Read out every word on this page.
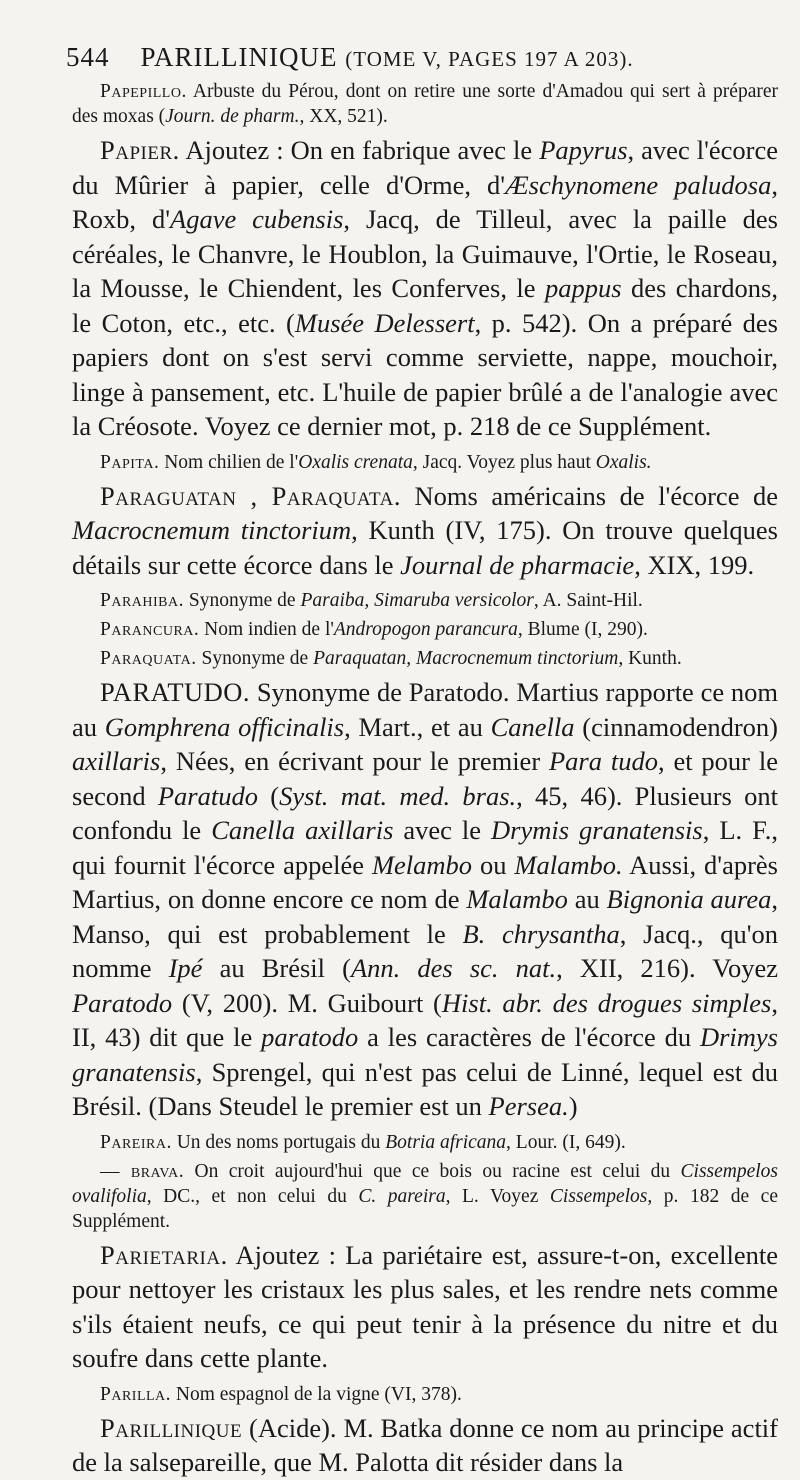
544 PARILLINIQUE (TOME V, PAGES 197 A 203).

Papepillo. Arbuste du Pérou, dont on retire une sorte d'Amadou qui sert à préparer des moxas (Journ. de pharm., XX, 521).

Papier. Ajoutez : On en fabrique avec le Papyrus, avec l'écorce du Mûrier à papier, celle d'Orme, d'Æschynomene paludosa, Roxb, d'Agave cubensis, Jacq, de Tilleul, avec la paille des céréales, le Chanvre, le Houblon, la Guimauve, l'Ortie, le Roseau, la Mousse, le Chiendent, les Conferves, le pappus des chardons, le Coton, etc., etc. (Musée Delessert, p. 542). On a préparé des papiers dont on s'est servi comme serviette, nappe, mouchoir, linge à pansement, etc. L'huile de papier brûlé a de l'analogie avec la Créosote. Voyez ce dernier mot, p. 218 de ce Supplément.

Papita. Nom chilien de l'Oxalis crenata, Jacq. Voyez plus haut Oxalis.

Paraguatan , Paraquata. Noms américains de l'écorce de Macrocnemum tinctorium, Kunth (IV, 175). On trouve quelques détails sur cette écorce dans le Journal de pharmacie, XIX, 199.

Parahiba. Synonyme de Paraiba, Simaruba versicolor, A. Saint-Hil.

Parancura. Nom indien de l'Andropogon parancura, Blume (I, 290).

Paraquata. Synonyme de Paraquatan, Macrocnemum tinctorium, Kunth.

PARATUDO. Synonyme de Paratodo. Martius rapporte ce nom au Gomphrena officinalis, Mart., et au Canella (cinnamodendron) axillaris, Nées, en écrivant pour le premier Para tudo, et pour le second Paratudo (Syst. mat. med. bras., 45, 46). Plusieurs ont confondu le Canella axillaris avec le Drymis granatensis, L. F., qui fournit l'écorce appelée Melambo ou Malambo. Aussi, d'après Martius, on donne encore ce nom de Malambo au Bignonia aurea, Manso, qui est probablement le B. chrysantha, Jacq., qu'on nomme Ipé au Brésil (Ann. des sc. nat., XII, 216). Voyez Paratodo (V, 200). M. Guibourt (Hist. abr. des drogues simples, II, 43) dit que le paratodo a les caractères de l'écorce du Drimys granatensis, Sprengel, qui n'est pas celui de Linné, lequel est du Brésil. (Dans Steudel le premier est un Persea.)

Pareira. Un des noms portugais du Botria africana, Lour. (I, 649).

— brava. On croit aujourd'hui que ce bois ou racine est celui du Cissempelos ovalifolia, DC., et non celui du C. pareira, L. Voyez Cissempelos, p. 182 de ce Supplément.

Parietaria. Ajoutez : La pariétaire est, assure-t-on, excellente pour nettoyer les cristaux les plus sales, et les rendre nets comme s'ils étaient neufs, ce qui peut tenir à la présence du nitre et du soufre dans cette plante.

Parilla. Nom espagnol de la vigne (VI, 378).

Parillinique (Acide). M. Batka donne ce nom au principe actif de la salsepareille, que M. Palotta dit résider dans la
